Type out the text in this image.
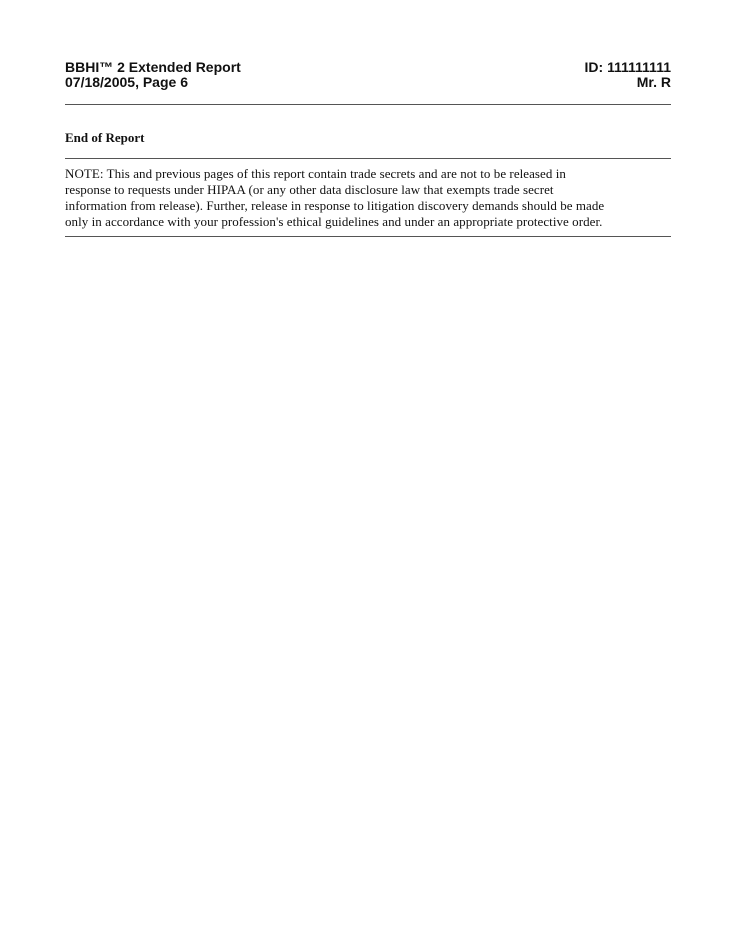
BBHI™ 2 Extended Report
07/18/2005, Page 6
ID: 111111111
Mr. R
End of Report
NOTE: This and previous pages of this report contain trade secrets and are not to be released in
response to requests under HIPAA (or any other data disclosure law that exempts trade secret
information from release). Further, release in response to litigation discovery demands should be made
only in accordance with your profession's ethical guidelines and under an appropriate protective order.
